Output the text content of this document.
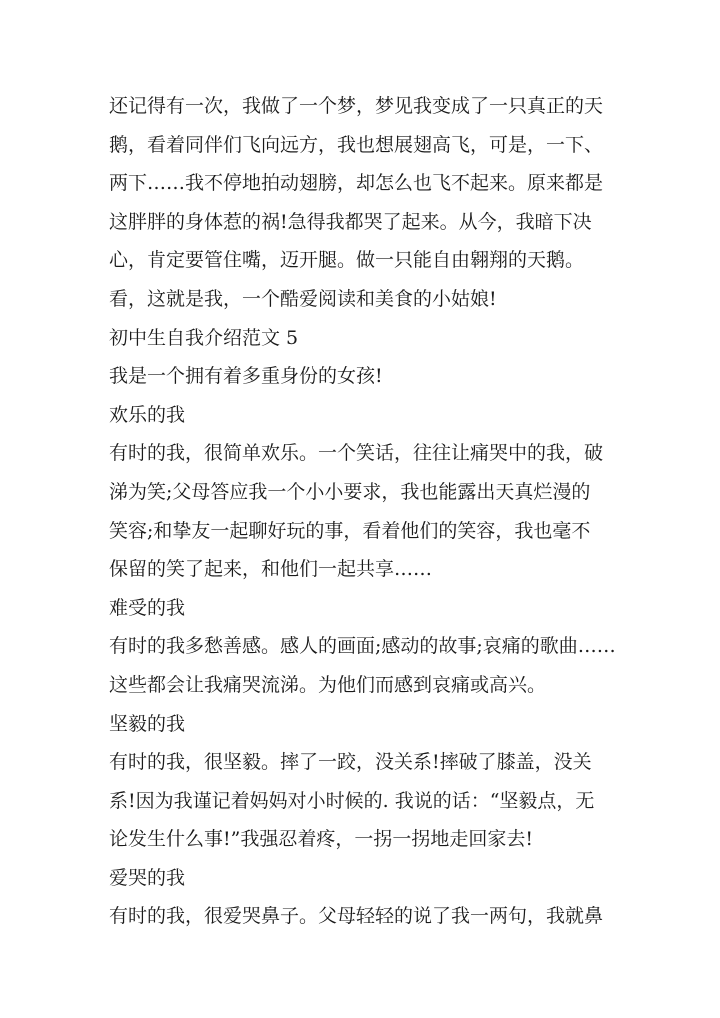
还记得有一次，我做了一个梦，梦见我变成了一只真正的天
鹅，看着同伴们飞向远方，我也想展翅高飞，可是，一下、
两下……我不停地拍动翅膀，却怎么也飞不起来。原来都是
这胖胖的身体惹的祸!急得我都哭了起来。从今，我暗下决
心，肯定要管住嘴，迈开腿。做一只能自由翱翔的天鹅。
看，这就是我，一个酷爱阅读和美食的小姑娘!
初中生自我介绍范文 5
我是一个拥有着多重身份的女孩!
欢乐的我
有时的我，很简单欢乐。一个笑话，往往让痛哭中的我，破
涕为笑;父母答应我一个小小要求，我也能露出天真烂漫的
笑容;和挚友一起聊好玩的事，看着他们的笑容，我也毫不
保留的笑了起来，和他们一起共享……
难受的我
有时的我多愁善感。感人的画面;感动的故事;哀痛的歌曲……
这些都会让我痛哭流涕。为他们而感到哀痛或高兴。
坚毅的我
有时的我，很坚毅。摔了一跤，没关系!摔破了膝盖，没关
系!因为我谨记着妈妈对小时候的. 我说的话：“坚毅点，无
论发生什么事!”我强忍着疼，一拐一拐地走回家去!
爱哭的我
有时的我，很爱哭鼻子。父母轻轻的说了我一两句，我就鼻
